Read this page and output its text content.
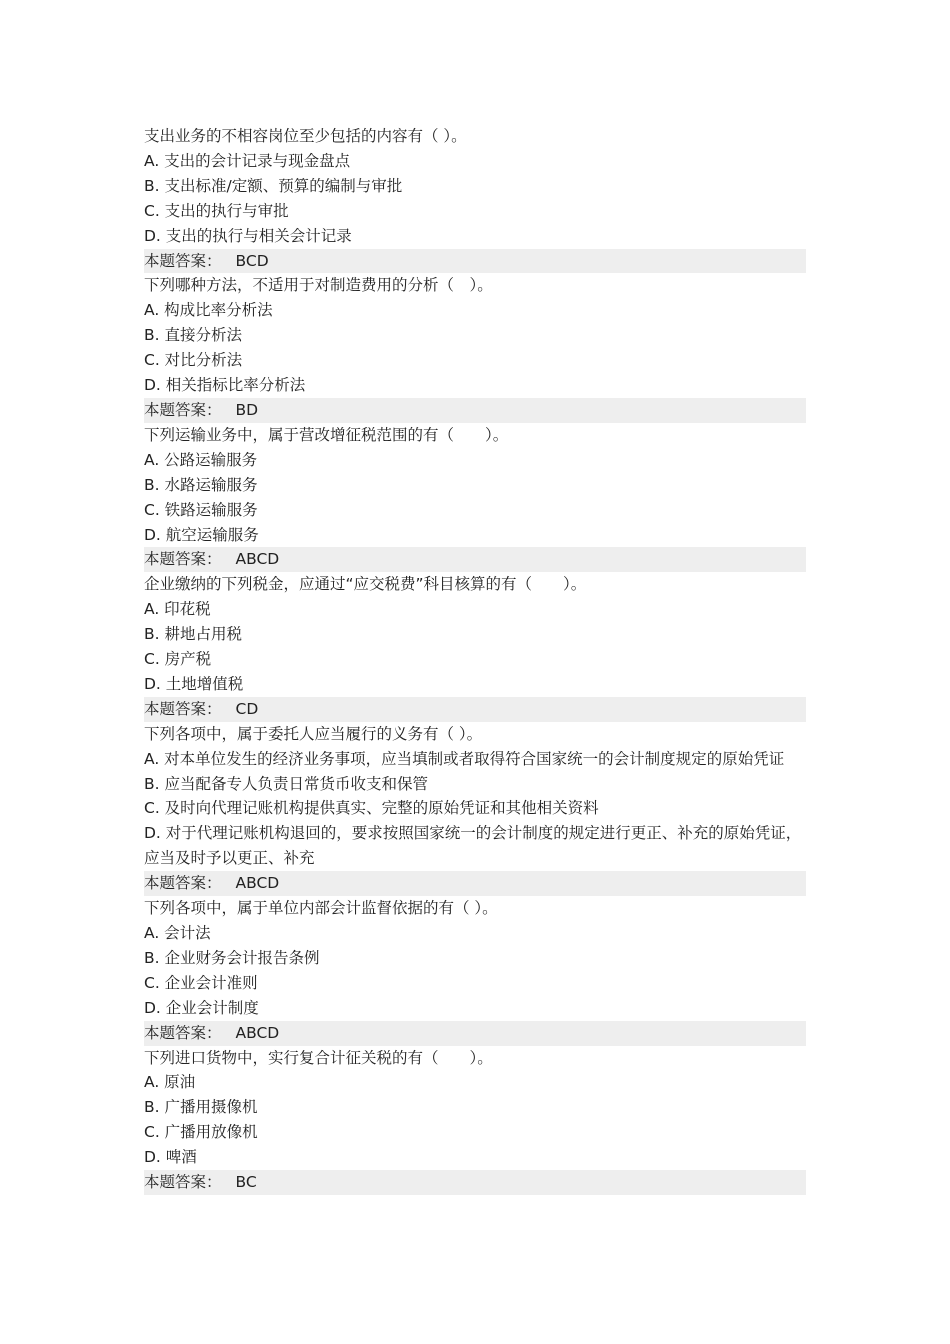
支出业务的不相容岗位至少包括的内容有（ ）。
A. 支出的会计记录与现金盘点
B. 支出标准/定额、预算的编制与审批
C. 支出的执行与审批
D. 支出的执行与相关会计记录
本题答案： BCD
下列哪种方法，不适用于对制造费用的分析（　）。
A. 构成比率分析法
B. 直接分析法
C. 对比分析法
D. 相关指标比率分析法
本题答案： BD
下列运输业务中，属于营改增征税范围的有（　　）。
A. 公路运输服务
B. 水路运输服务
C. 铁路运输服务
D. 航空运输服务
本题答案： ABCD
企业缴纳的下列税金，应通过“应交税费”科目核算的有（　　）。
A. 印花税
B. 耕地占用税
C. 房产税
D. 土地增值税
本题答案： CD
下列各项中，属于委托人应当履行的义务有（ ）。
A. 对本单位发生的经济业务事项，应当填制或者取得符合国家统一的会计制度规定的原始凭证
B. 应当配备专人负责日常货币收支和保管
C. 及时向代理记账机构提供真实、完整的原始凭证和其他相关资料
D. 对于代理记账机构退回的，要求按照国家统一的会计制度的规定进行更正、补充的原始凭证，应当及时予以更正、补充
本题答案： ABCD
下列各项中，属于单位内部会计监督依据的有（ ）。
A. 会计法
B. 企业财务会计报告条例
C. 企业会计准则
D. 企业会计制度
本题答案： ABCD
下列进口货物中，实行复合计征关税的有（　　）。
A. 原油
B. 广播用摄像机
C. 广播用放像机
D. 啤酒
本题答案： BC
